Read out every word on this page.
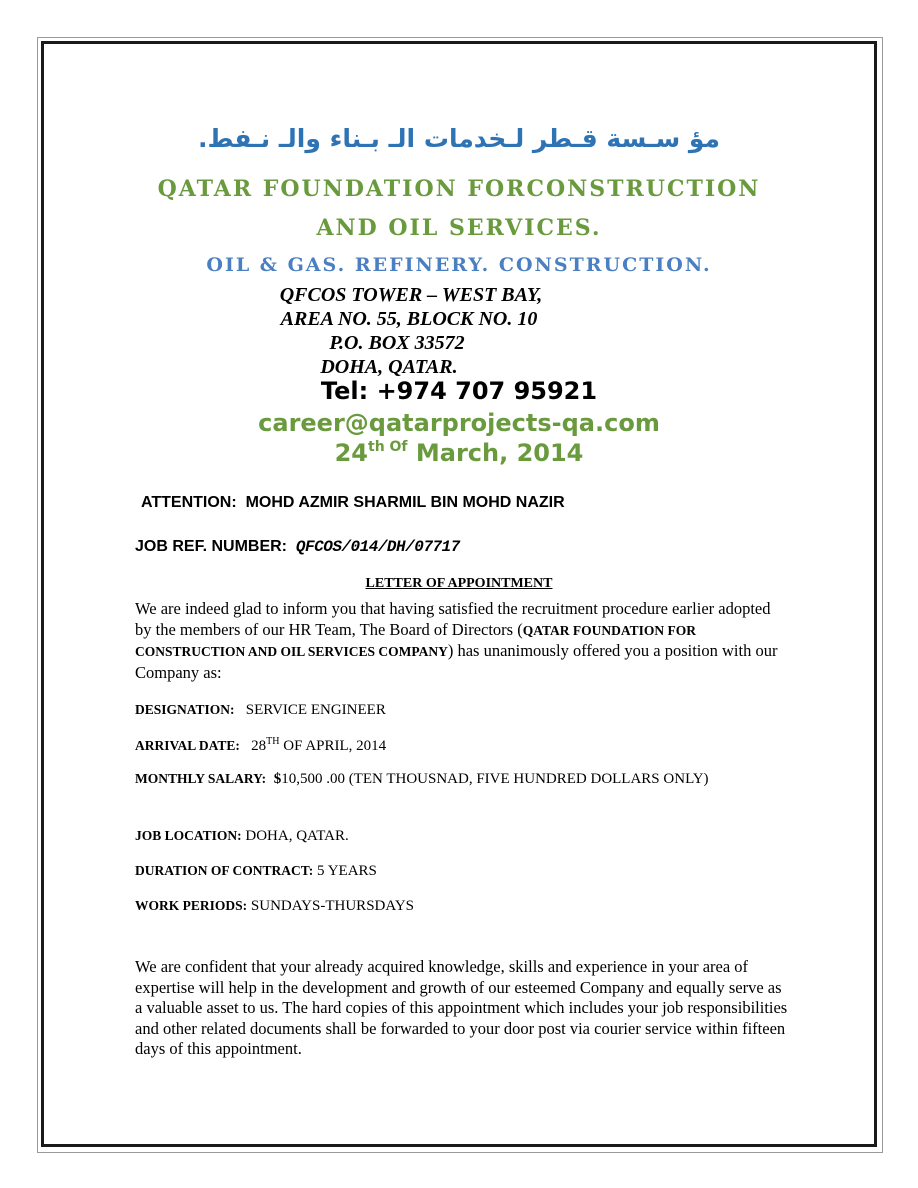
مؤ سـسة قـطر لـخدمات الـ بـناء والـ نـفط.
QATAR FOUNDATION FORCONSTRUCTION
AND OIL SERVICES.
OIL & GAS. REFINERY. CONSTRUCTION.
QFCOS TOWER – WEST BAY,
AREA NO. 55, BLOCK NO. 10
P.O. BOX 33572
DOHA, QATAR.
Tel: +974 707 95921
career@qatarprojects-qa.com
$24^{th Of}$ March, 2014
ATTENTION: MOHD AZMIR SHARMIL BIN MOHD NAZIR
JOB REF. NUMBER: QFCOS/014/DH/07717
LETTER OF APPOINTMENT
We are indeed glad to inform you that having satisfied the recruitment procedure earlier adopted by the members of our HR Team, The Board of Directors (QATAR FOUNDATION FOR CONSTRUCTION AND OIL SERVICES COMPANY) has unanimously offered you a position with our Company as:
DESIGNATION: SERVICE ENGINEER
ARRIVAL DATE: 28TH OF APRIL, 2014
MONTHLY SALARY: $10,500 .00 (TEN THOUSNAD, FIVE HUNDRED DOLLARS ONLY)
JOB LOCATION: DOHA, QATAR.
DURATION OF CONTRACT: 5 YEARS
WORK PERIODS: SUNDAYS-THURSDAYS
We are confident that your already acquired knowledge, skills and experience in your area of expertise will help in the development and growth of our esteemed Company and equally serve as a valuable asset to us. The hard copies of this appointment which includes your job responsibilities and other related documents shall be forwarded to your door post via courier service within fifteen days of this appointment.
